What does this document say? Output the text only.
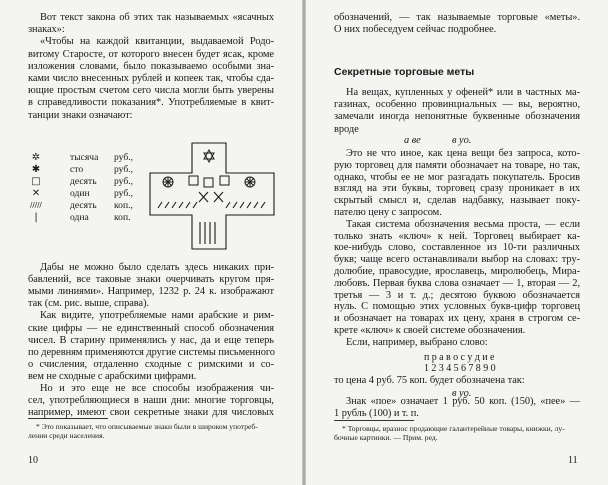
Вот текст закона об этих так называемых «ясачных
знаках»:
«Чтобы на каждой квитанции, выдаваемой Родо-
витому Старосте, от которого внесен будет ясак, кроме
изложения словами, было показываемо особыми зна-
ками число внесенных рублей и копеек так, чтобы сда-
ющие простым счетом сего числа могли быть уверены
в справедливости показания*. Употребляемые в квит-
танции знаки означают:
✲	тысяча руб.,
✱	сто	руб.,
□	десять руб.,
✕	один	руб.,
/////	десять коп.,
|	одна	коп.
Дабы не можно было сделать здесь никаких при-
бавлений, все таковые знаки очерчивать кругом пря-
мыми линиями». Например, 1232 р. 24 к. изображают
так (см. рис. выше, справа).
Как видите, употребляемые нами арабские и рим-
ские цифры — не единственный способ обозначения
чисел. В старину применялись у нас, да и еще теперь
по деревням применяются другие системы письменного
о счисления, отдаленно сходные с римскими и со-
вем не сходные с арабскими цифрами.
Но и это еще не все способы изображения чи-
сел, употребляющиеся в наши дни: многие торговцы,
например, имеют свои секретные знаки для числовых
* Это показывает, что описываемые знаки были в широком употреб-
лении среди населения.
10
обозначений, — так называемые торговые «меты».
О них побеседуем сейчас подробнее.
Секретные торговые меты
На вещах, купленных у офеней* или в частных ма-
газинах, особенно провинциальных — вы, вероятно,
замечали иногда непонятные буквенные обозначения
вроде
а ве	в уо.
Это не что иное, как цена вещи без запроса, кото-
рую торговец для памяти обозначает на товаре, но так,
однако, чтобы ее не мог разгадать покупатель. Бросив
взгляд на эти буквы, торговец сразу проникает в их
скрытый смысл и, сделав надбавку, называет поку-
пателю цену с запросом.
Такая система обозначения весьма проста, — если
только знать «ключ» к ней. Торговец выбирает ка-
кое-нибудь слово, составленное из 10-ти различных
букв; чаще всего останавливали выбор на словах: тру-
долюбие, правосудие, ярославець, миролюбець, Мира-
любовъ. Первая буква слова означает — 1, вторая — 2,
третья — 3 и т. д.; десятою буквою обозначается
нуль. С помощью этих условных букв-цифр торговец
и обозначает на товарах их цену, храня в строгом се-
крете «ключ» к своей системе обозначения.
Если, например, выбрано слово:
п р а в о с у д и е
1 2 3 4 5 6 7 8 9 0
то цена 4 руб. 75 коп. будет обозначена так:
в уо.
Знак «пое» означает 1 руб. 50 коп. (150), «пее» —
1 рубль (100) и т. п.
* Торговцы, вразнос продающие галантерейные товары, книжки, лу-
бочные картинки. — Прим. ред.
11
